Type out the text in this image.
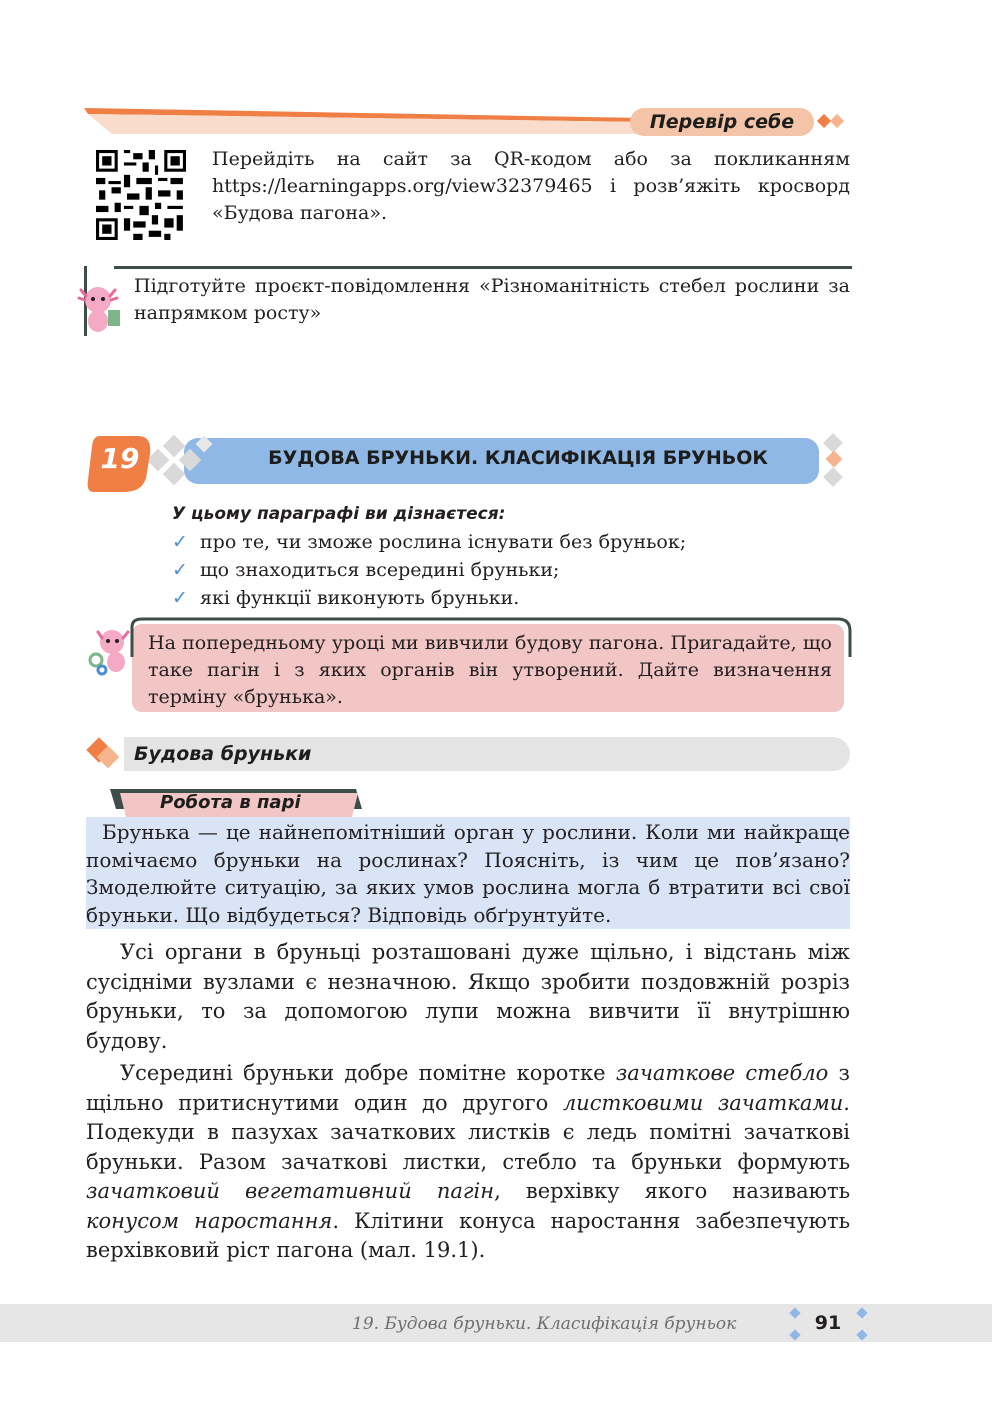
Перевір себе
Перейдіть на сайт за QR-кодом або за покликанням https://learningapps.org/view32379465 і розв’яжіть кросворд «Будова пагона».
Підготуйте проєкт-повідомлення «Різноманітність стебел рослини за напрямком росту»
19	БУДОВА БРУНЬКИ. КЛАСИФІКАЦІЯ БРУНЬОК
У цьому параграфі ви дізнаєтеся:
✓ про те, чи зможе рослина існувати без бруньок;
✓ що знаходиться всередині бруньки;
✓ які функції виконують бруньки.
На попередньому уроці ми вивчили будову пагона. Пригадайте, що таке пагін і з яких органів він утворений. Дайте визначення терміну «брунька».
Будова бруньки
Робота в парі
Брунька — це найнепомітніший орган у рослини. Коли ми найкраще помічаємо бруньки на рослинах? Поясніть, із чим це пов’язано? Змоделюйте ситуацію, за яких умов рослина могла б втратити всі свої бруньки. Що відбудеться? Відповідь обґрунтуйте.
Усі органи в бруньці розташовані дуже щільно, і відстань між сусідніми вузлами є незначною. Якщо зробити поздовжній розріз бруньки, то за допомогою лупи можна вивчити її внутрішню будову.
Усередині бруньки добре помітне коротке зачаткове стебло з щільно притиснутими один до другого листковими зачатками. Подекуди в пазухах зачаткових листків є ледь помітні зачаткові бруньки. Разом зачаткові листки, стебло та бруньки формують зачатковий вегетативний пагін, верхівку якого називають конусом наростання. Клітини конуса наростання забезпечують верхівковий ріст пагона (мал. 19.1).
19. Будова бруньки. Класифікація бруньок	91
